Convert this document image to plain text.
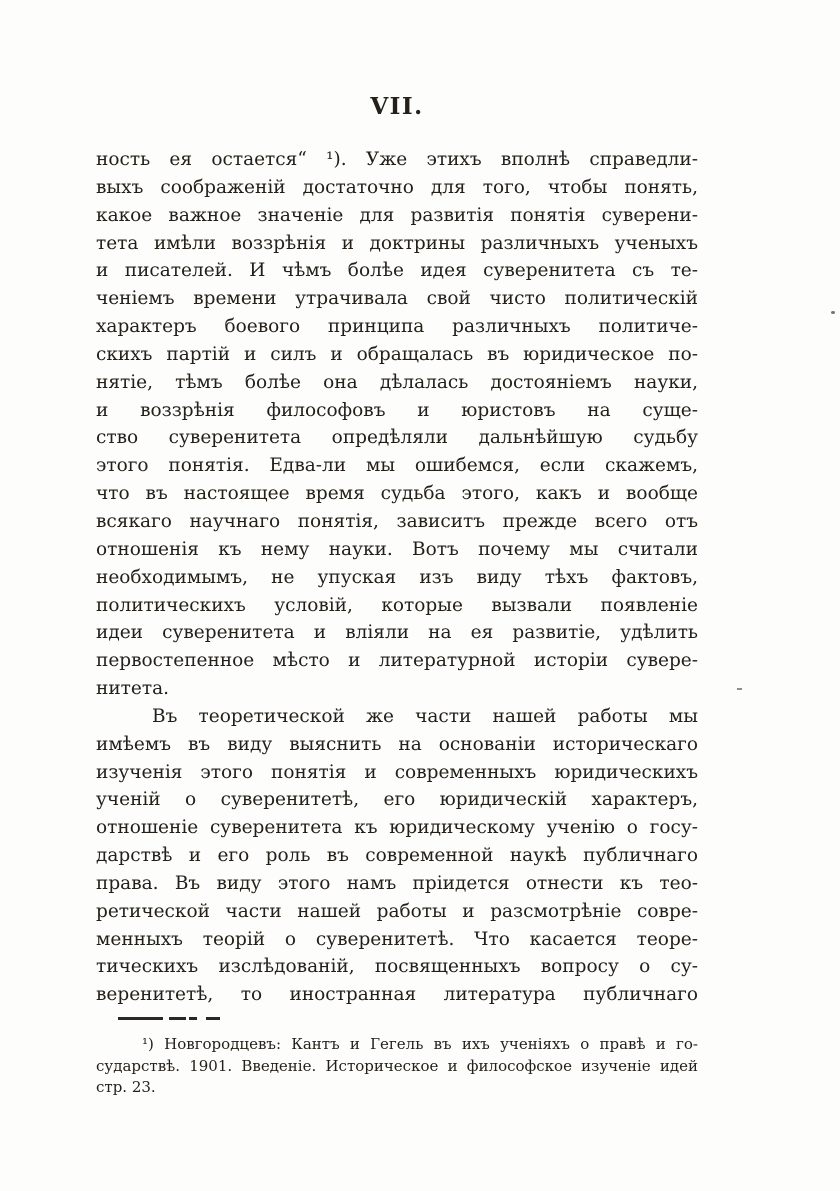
VII.
ность ея остается“ ¹). Уже этихъ вполнѣ справедли-
выхъ соображеній достаточно для того, чтобы понять,
какое важное значеніе для развитія понятія суверени-
тета имѣли воззрѣнія и доктрины различныхъ ученыхъ
и писателей. И чѣмъ болѣе идея суверенитета съ те-
ченіемъ времени утрачивала свой чисто политическій
характеръ боевого принципа различныхъ политиче-
скихъ партій и силъ и обращалась въ юридическое по-
нятіе, тѣмъ болѣе она дѣлалась достояніемъ науки,
и воззрѣнія философовъ и юристовъ на суще-
ство суверенитета опредѣляли дальнѣйшую судьбу
этого понятія. Едва-ли мы ошибемся, если скажемъ,
что въ настоящее время судьба этого, какъ и вообще
всякаго научнаго понятія, зависитъ прежде всего отъ
отношенія къ нему науки. Вотъ почему мы считали
необходимымъ, не упуская изъ виду тѣхъ фактовъ,
политическихъ условій, которые вызвали появленіе
идеи суверенитета и вліяли на ея развитіе, удѣлить
первостепенное мѣсто и литературной исторіи сувере-
нитета.
Въ теоретической же части нашей работы мы
имѣемъ въ виду выяснить на основаніи историческаго
изученія этого понятія и современныхъ юридическихъ
ученій о суверенитетѣ, его юридическій характеръ,
отношеніе суверенитета къ юридическому ученію о госу-
дарствѣ и его роль въ современной наукѣ публичнаго
права. Въ виду этого намъ пріидется отнести къ тео-
ретической части нашей работы и разсмотрѣніе совре-
менныхъ теорій о суверенитетѣ. Что касается теоре-
тическихъ изслѣдованій, посвященныхъ вопросу о су-
веренитетѣ, то иностранная литература публичнаго
¹) Новгородцевъ: Кантъ и Гегель въ ихъ ученіяхъ о правѣ и го-
сударствѣ. 1901. Введеніе. Историческое и философское изученіе идей
стр. 23.
